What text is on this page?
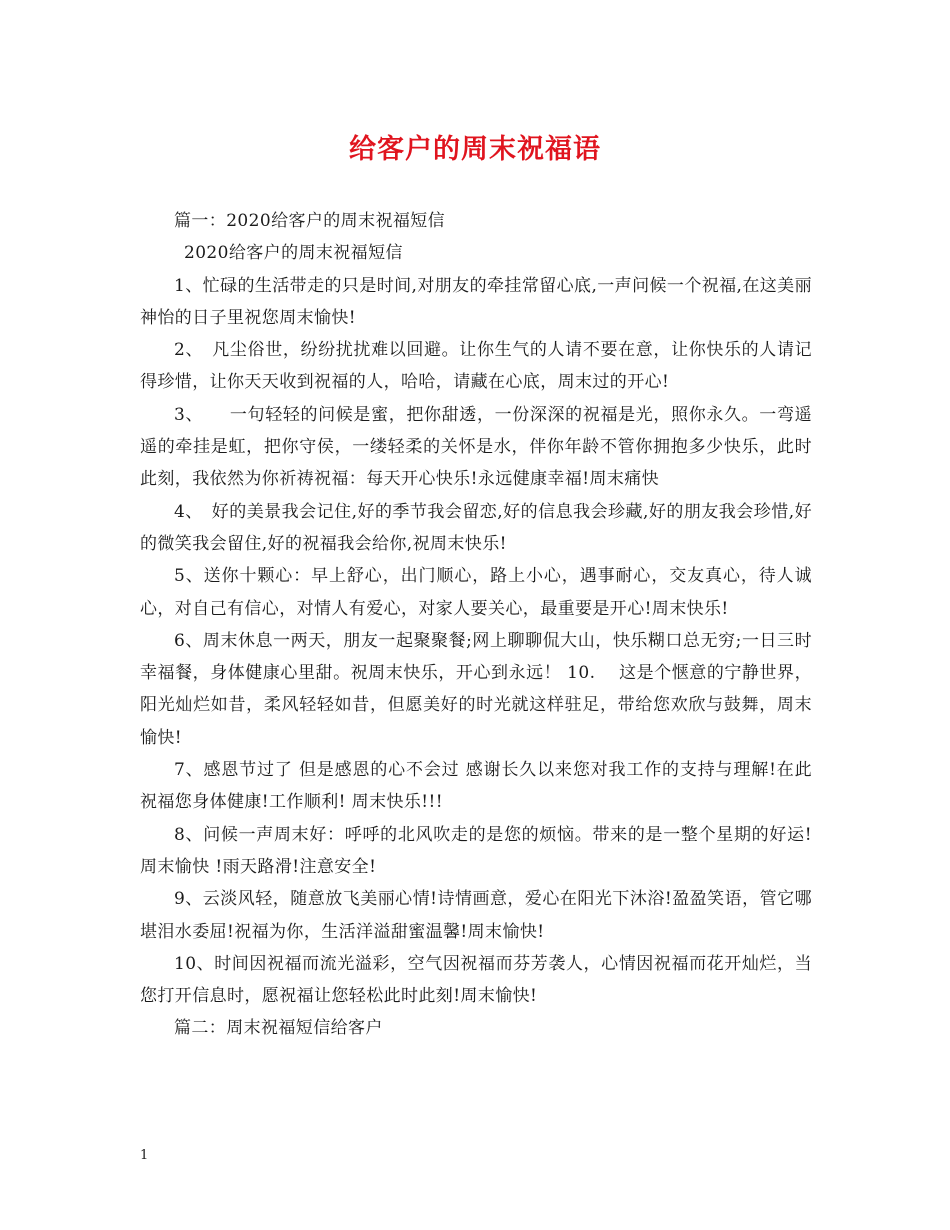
给客户的周末祝福语

篇一：2020给客户的周末祝福短信

2020给客户的周末祝福短信

1、忙碌的生活带走的只是时间,对朋友的牵挂常留心底,一声问候一个祝福,在这美丽神怡的日子里祝您周末愉快!

2、　凡尘俗世，纷纷扰扰难以回避。让你生气的人请不要在意，让你快乐的人请记得珍惜，让你天天收到祝福的人，哈哈，请藏在心底，周末过的开心!

3、　　一句轻轻的问候是蜜，把你甜透，一份深深的祝福是光，照你永久。一弯遥遥的牵挂是虹，把你守侯，一缕轻柔的关怀是水，伴你年龄不管你拥抱多少快乐，此时此刻，我依然为你祈祷祝福：每天开心快乐!永远健康幸福!周末痛快

4、　好的美景我会记住,好的季节我会留恋,好的信息我会珍藏,好的朋友我会珍惜,好的微笑我会留住,好的祝福我会给你,祝周末快乐!

5、送你十颗心：早上舒心，出门顺心，路上小心，遇事耐心，交友真心，待人诚心，对自己有信心，对情人有爱心，对家人要关心，最重要是开心!周末快乐!

6、周末休息一两天，朋友一起聚聚餐;网上聊聊侃大山，快乐糊口总无穷;一日三时幸福餐，身体健康心里甜。祝周末快乐，开心到永远！ 10.　 这是个惬意的宁静世界，阳光灿烂如昔，柔风轻轻如昔，但愿美好的时光就这样驻足，带给您欢欣与鼓舞，周末愉快!

7、感恩节过了 但是感恩的心不会过 感谢长久以来您对我工作的支持与理解!在此祝福您身体健康!工作顺利! 周末快乐!!!

8、问候一声周末好：呼呼的北风吹走的是您的烦恼。带来的是一整个星期的好运!周末愉快 !雨天路滑!注意安全!

9、云淡风轻，随意放飞美丽心情!诗情画意，爱心在阳光下沐浴!盈盈笑语，管它哪堪泪水委屈!祝福为你，生活洋溢甜蜜温馨!周末愉快!

10、时间因祝福而流光溢彩，空气因祝福而芬芳袭人，心情因祝福而花开灿烂，当您打开信息时，愿祝福让您轻松此时此刻!周末愉快!

篇二：周末祝福短信给客户

1
